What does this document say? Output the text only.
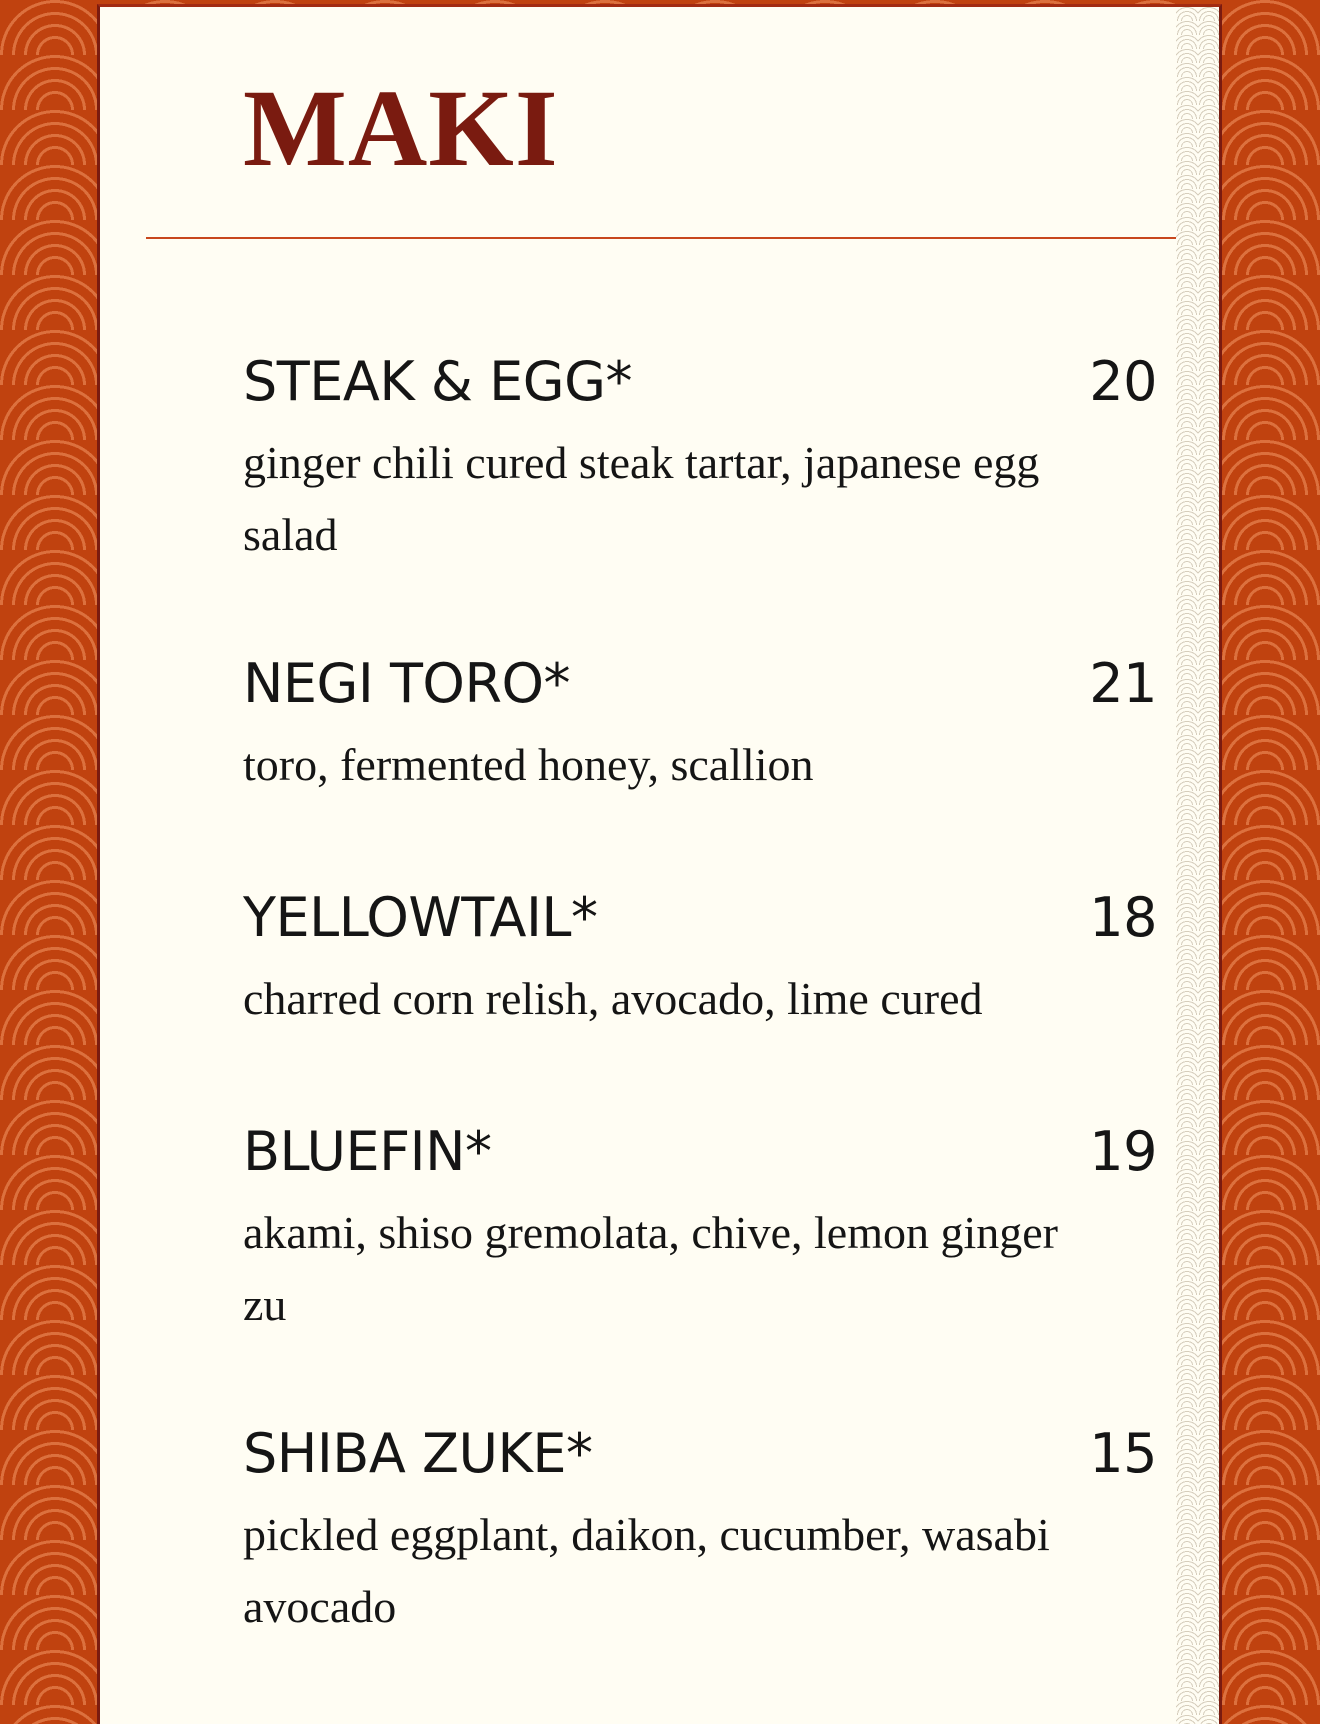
MAKI
STEAK & EGG*	20
ginger chili cured steak tartar, japanese egg salad
NEGI TORO*	21
toro, fermented honey, scallion
YELLOWTAIL*	18
charred corn relish, avocado, lime cured
BLUEFIN*	19
akami, shiso gremolata, chive, lemon ginger zu
SHIBA ZUKE*	15
pickled eggplant, daikon, cucumber, wasabi avocado
